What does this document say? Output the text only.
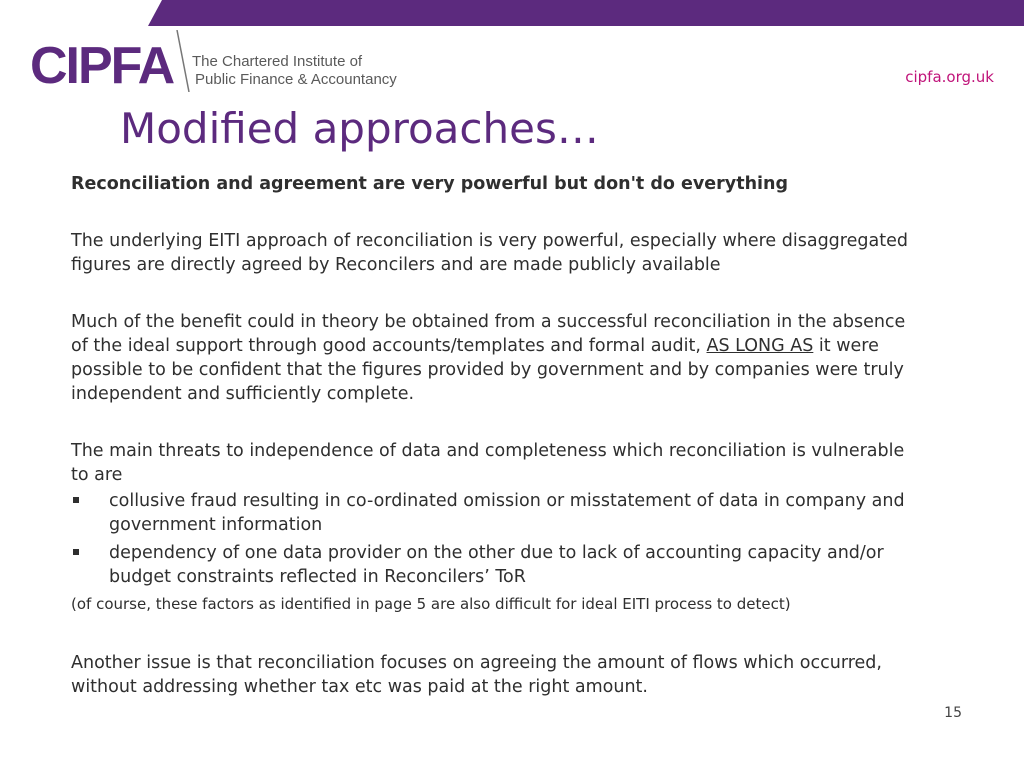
CIPFA The Chartered Institute of
Public Finance & Accountancy	cipfa.org.uk
Modified approaches…

Reconciliation and agreement are very powerful but don't do everything

The underlying EITI approach of reconciliation is very powerful, especially where disaggregated figures are directly agreed by Reconcilers and are made publicly available

Much of the benefit could in theory be obtained from a successful reconciliation in the absence of the ideal support through good accounts/templates and formal audit, AS LONG AS it were possible to be confident that the figures provided by government and by companies were truly independent and sufficiently complete.

The main threats to independence of data and completeness which reconciliation is vulnerable to are

collusive fraud resulting in co-ordinated omission or misstatement of data in company and government information

dependency of one data provider on the other due to lack of accounting capacity and/or budget constraints reflected in Reconcilers’ ToR

(of course, these factors as identified in page 5 are also difficult for ideal EITI process to detect)

Another issue is that reconciliation focuses on agreeing the amount of flows which occurred, without addressing whether tax etc was paid at the right amount.

15
